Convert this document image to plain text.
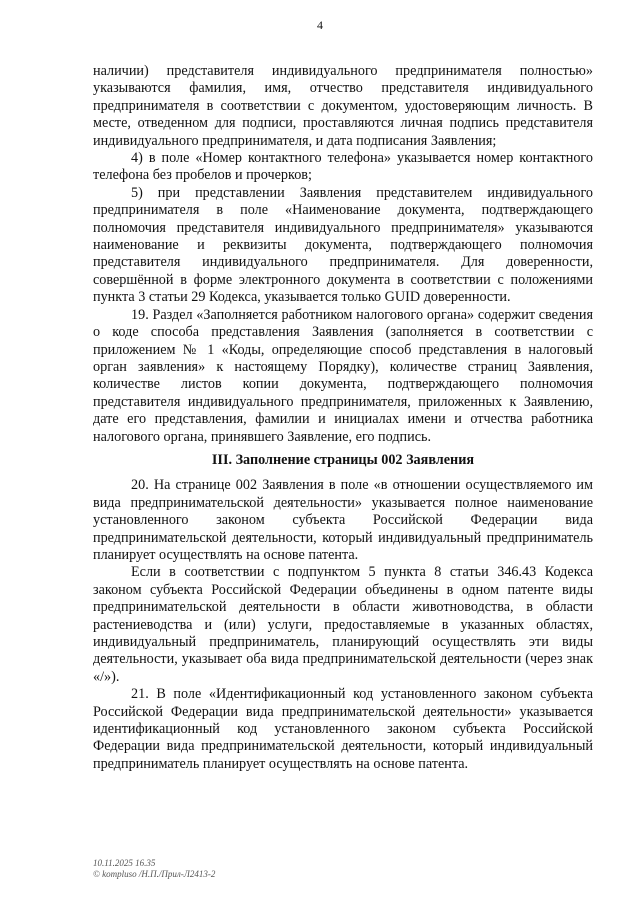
4

наличии) представителя индивидуального предпринимателя полностью» указываются фамилия, имя, отчество представителя индивидуального предпринимателя в соответствии с документом, удостоверяющим личность. В месте, отведенном для подписи, проставляются личная подпись представителя индивидуального предпринимателя, и дата подписания Заявления;

4) в поле «Номер контактного телефона» указывается номер контактного телефона без пробелов и прочерков;

5) при представлении Заявления представителем индивидуального предпринимателя в поле «Наименование документа, подтверждающего полномочия представителя индивидуального предпринимателя» указываются наименование и реквизиты документа, подтверждающего полномочия представителя индивидуального предпринимателя. Для доверенности, совершённой в форме электронного документа в соответствии с положениями пункта 3 статьи 29 Кодекса, указывается только GUID доверенности.

19. Раздел «Заполняется работником налогового органа» содержит сведения о коде способа представления Заявления (заполняется в соответствии с приложением № 1 «Коды, определяющие способ представления в налоговый орган заявления» к настоящему Порядку), количестве страниц Заявления, количестве листов копии документа, подтверждающего полномочия представителя индивидуального предпринимателя, приложенных к Заявлению, дате его представления, фамилии и инициалах имени и отчества работника налогового органа, принявшего Заявление, его подпись.

III. Заполнение страницы 002 Заявления

20. На странице 002 Заявления в поле «в отношении осуществляемого им вида предпринимательской деятельности» указывается полное наименование установленного законом субъекта Российской Федерации вида предпринимательской деятельности, который индивидуальный предприниматель планирует осуществлять на основе патента.

Если в соответствии с подпунктом 5 пункта 8 статьи 346.43 Кодекса законом субъекта Российской Федерации объединены в одном патенте виды предпринимательской деятельности в области животноводства, в области растениеводства и (или) услуги, предоставляемые в указанных областях, индивидуальный предприниматель, планирующий осуществлять эти виды деятельности, указывает оба вида предпринимательской деятельности (через знак «/»).

21. В поле «Идентификационный код установленного законом субъекта Российской Федерации вида предпринимательской деятельности» указывается идентификационный код установленного законом субъекта Российской Федерации вида предпринимательской деятельности, который индивидуальный предприниматель планирует осуществлять на основе патента.

10.11.2025 16.35
© kompluso /Н.П./Прил-Л2413-2
